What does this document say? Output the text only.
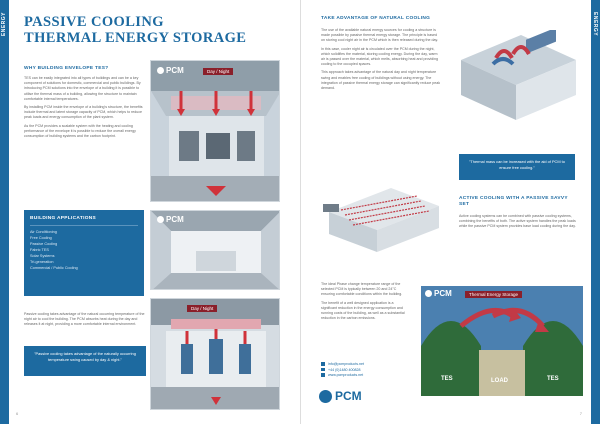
ENERGY PASSIVE COOLING
THERMAL ENERGY STORAGE
WHY BUILDING ENVELOPE TES?

TES can be easily integrated into all types of buildings and can be a key component of solutions for domestic, commercial and public buildings. By introducing PCM solutions into the envelope of a building it is possible to utilise the thermal mass of a building, allowing the structure to maintain comfortable internal temperatures.

By installing PCM inside the envelope of a building's structure, the benefits include thermal and latent storage capacity of PCM, which helps to reduce peak loads and energy consumption of the plant system.

As the PCM provides a scalable system with the heating and cooling performance of the envelope it is possible to reduce the overall energy consumption of building systems and the carbon footprint.

PCM	Day / Night
BUILDING APPLICATIONS
Air Conditioning
Free Cooling
Passive Cooling
Fabric TES
Solar Systems
Tri-generation
Commercial / Public Cooling
PCM
Passive cooling takes advantage of the natural occurring temperature of the night air to cool the building. The PCM absorbs heat during the day and releases it at night, providing a more comfortable internal environment.
"Passive cooling takes advantage of the naturally occurring temperature swing caused by day & night."
Day / Night
6
ENERGY
TAKE ADVANTAGE OF NATURAL COOLING

The use of the available natural energy sources for cooling a structure is made possible by passive thermal energy storage. The principle is based on storing cool night air in the PCM which is then released during the day.

In this case, cooler night air is circulated over the PCM during the night, which solidifies the material, storing cooling energy. During the day, warm air is passed over the material, which melts, absorbing heat and providing cooling to the occupied spaces.

This approach takes advantage of the natural day and night temperature swing and enables free cooling of buildings without using energy. The integration of passive thermal energy storage can significantly reduce peak demand.

"Thermal mass can be increased with the aid of PCM to ensure free cooling."
ACTIVE COOLING WITH A PASSIVE SAVVY SET
Active cooling systems can be combined with passive cooling systems, combining the benefits of both. The active system handles the peak loads while the passive PCM system provides base load cooling during the day.

The ideal Phase change temperature range of the selected PCM is typically between 20 and 24°C ensuring comfortable conditions within the building.

The benefit of a well designed application is a significant reduction in the energy consumption and running costs of the building, as well as a substantial reduction in the carbon emissions.

PCM	Thermal Energy Storage
TES	LOAD	TES
info@pcmproducts.net
+44 (0)1480 400828
www.pcmproducts.net
PCM
7
